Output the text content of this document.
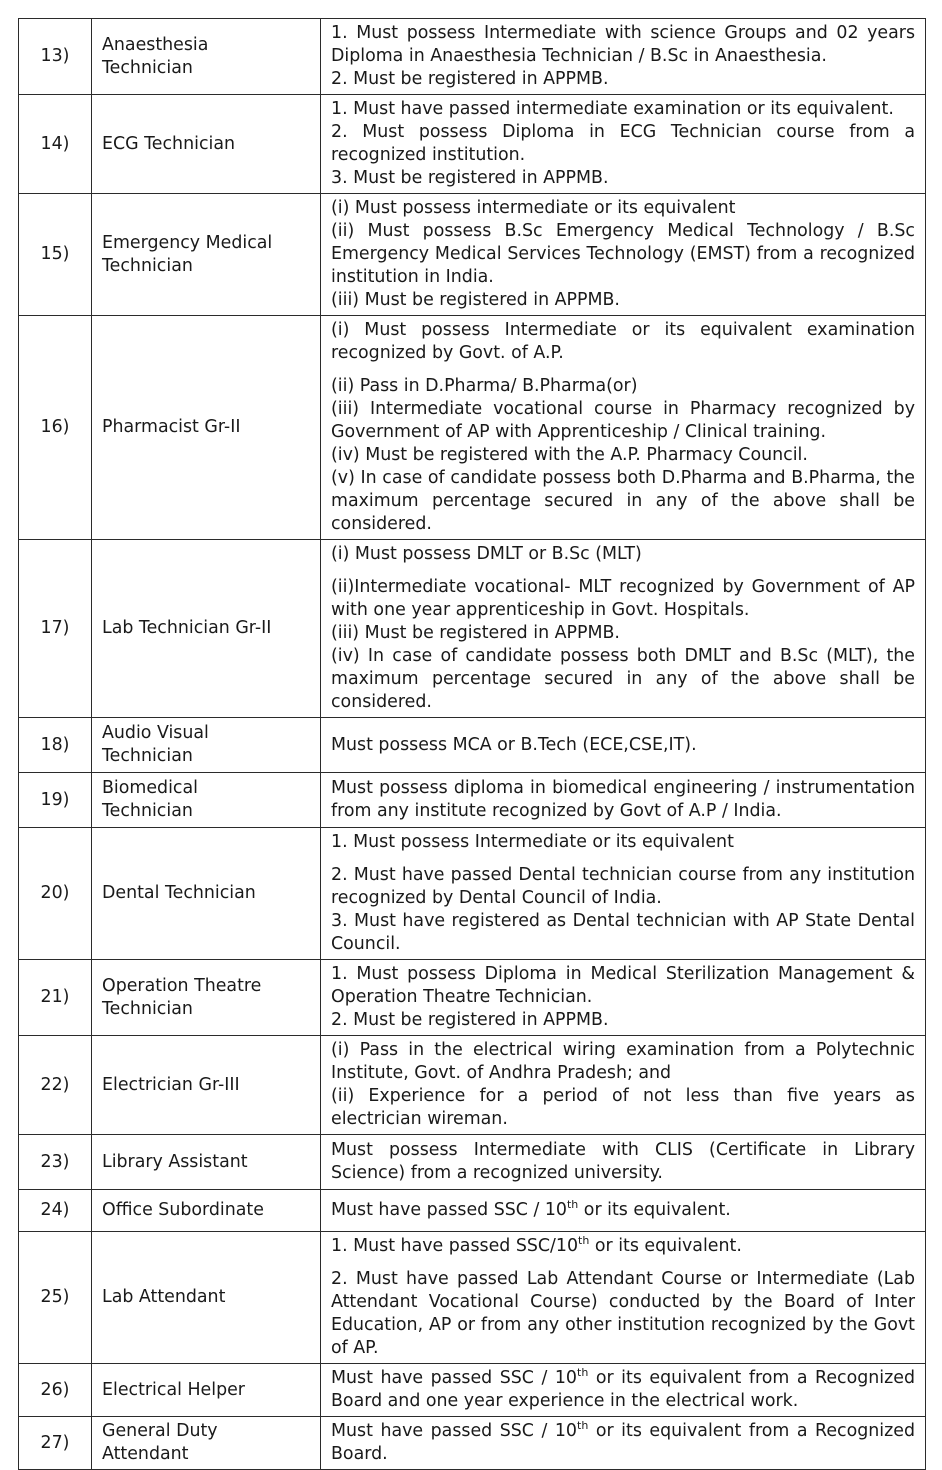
13)	Anaesthesia
Technician	1. Must possess Intermediate with science Groups and 02 years Diploma in Anaesthesia Technician / B.Sc in Anaesthesia.
2. Must be registered in APPMB.

14)	ECG Technician	1. Must have passed intermediate examination or its equivalent.
2. Must possess Diploma in ECG Technician course from a recognized institution.
3. Must be registered in APPMB.

15)	Emergency Medical
Technician	(i) Must possess intermediate or its equivalent
(ii) Must possess B.Sc Emergency Medical Technology / B.Sc Emergency Medical Services Technology (EMST) from a recognized institution in India.
(iii) Must be registered in APPMB.

16)	Pharmacist Gr-II	(i) Must possess Intermediate or its equivalent examination recognized by Govt. of A.P.
(ii) Pass in D.Pharma/ B.Pharma(or)
(iii) Intermediate vocational course in Pharmacy recognized by Government of AP with Apprenticeship / Clinical training.
(iv) Must be registered with the A.P. Pharmacy Council.
(v) In case of candidate possess both D.Pharma and B.Pharma, the maximum percentage secured in any of the above shall be considered.

17)	Lab Technician Gr-II	(i) Must possess DMLT or B.Sc (MLT)
(ii)Intermediate vocational- MLT recognized by Government of AP with one year apprenticeship in Govt. Hospitals.
(iii) Must be registered in APPMB.
(iv) In case of candidate possess both DMLT and B.Sc (MLT), the maximum percentage secured in any of the above shall be considered.

18)	Audio Visual
Technician	Must possess MCA or B.Tech (ECE,CSE,IT).

19)	Biomedical
Technician	Must possess diploma in biomedical engineering / instrumentation from any institute recognized by Govt of A.P / India.

20)	Dental Technician	1. Must possess Intermediate or its equivalent
2. Must have passed Dental technician course from any institution recognized by Dental Council of India.
3. Must have registered as Dental technician with AP State Dental Council.

21)	Operation Theatre
Technician	1. Must possess Diploma in Medical Sterilization Management & Operation Theatre Technician.
2. Must be registered in APPMB.

22)	Electrician Gr-III	(i) Pass in the electrical wiring examination from a Polytechnic Institute, Govt. of Andhra Pradesh; and
(ii) Experience for a period of not less than five years as electrician wireman.

23)	Library Assistant	Must possess Intermediate with CLIS (Certificate in Library Science) from a recognized university.

24)	Office Subordinate	Must have passed SSC / 10th or its equivalent.

25)	Lab Attendant	1. Must have passed SSC/10th or its equivalent.
2. Must have passed Lab Attendant Course or Intermediate (Lab Attendant Vocational Course) conducted by the Board of Inter Education, AP or from any other institution recognized by the Govt of AP.

26)	Electrical Helper	Must have passed SSC / 10th or its equivalent from a Recognized Board and one year experience in the electrical work.

27)	General Duty
Attendant	Must have passed SSC / 10th or its equivalent from a Recognized Board.
